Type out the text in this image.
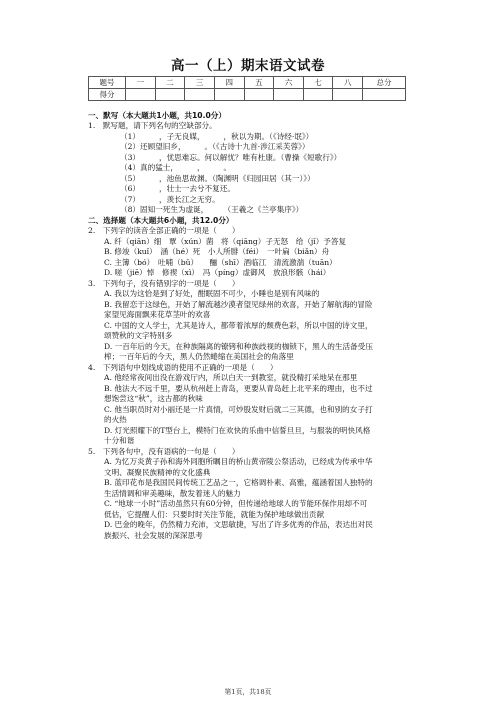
高一（上）期末语文试卷
题号	一	二	三	四	五	六	七	八	总分
得分									
一、默写（本大题共1小题，共10.0分）
1.　默写题，请下列名句的空缺部分。
（1）　　　，子无良媒，　　　，秋以为期。（《诗经·氓》）
（2）还顾望旧乡，　　　。（《古诗十九首·涉江采芙蓉》）
（3）　　　，忧思难忘。何以解忧？唯有杜康。（曹操《短歌行》）
（4）真的猛士，　　　，　　　。
（5）　　　，池鱼思故渊。（陶渊明《归园田居（其一）》）
（6）　　　，壮士一去兮不复还。
（7）　　　，羡长江之无穷。
（8）固知一死生为虚诞，　　　（王羲之《兰亭集序》）
二、选择题（本大题共6小题，共12.0分）
2.　下列字的读音全部正确的一项是（　　）
A. 纤（qiān）细　覃（xún）菌　将（qiāng）子无怒　给（jǐ）予答复
B. 修竣（kuǐ）　涵（hé）死　小人所腓（féi）　一叶扁（biǎn）舟
C. 主簿（bó）　吐哺（bǔ）　　酾（shī）酒临江　清流激湍（tuān）
D. 嗟（jiē）悼　修禊（xì）　冯（píng）虚御风　放浪形骸（hái）
3.　下列句子，没有错别字的一项是（　　）
A. 我以为这恰是到了好处，酣眠固不可少，小睡也是别有风味的
B. 我留恋于这绿色，开始了解流越沙漠者望见绿州的欢喜，开始了解航海的冒险
家望见海面飘来花草茎叶的欢喜
C. 中国的文人学士，尤其是诗人，都带着浓厚的颓费色彩，所以中国的诗文里，
颂赞秋的文字特别多
D. 一百年后的今天，在种族隔离的镣铐和种族歧视的枷锁下，黑人的生活备受压
榨；一百年后的今天，黑人仍然蜷缩在美国社会的角落里
4.　下列语句中划线成语的使用不正确的一项是（　　）
A. 他经常夜间出没在游戏厅内，所以白天一到教室，就没精打采地呆在那里
B. 他法大不远千里，要从杭州赶上青岛，更要从青岛赶上北平来的理由，也不过
想饱尝这“秋”，这古都的秋味
C. 他当职员时对小丽还是一片真情，可炒股发财后就二三其德，也和别的女子打
的火热
D. 灯光照耀下的T型台上，模特门在欢快的乐曲中信誓旦旦，与服装的明快风格
十分和谐
5.　下列各句中，没有语病的一句是（　　）
A. 为忆万炎黄子孙和海外同胞所瞩目的桥山黄帝陵公祭活动，已经成为传承中华
文明、凝聚民族精神的文化盛典
B. 蓝印花布是我国民间传统工艺品之一，它格调朴素、高雅，蕴涵着国人独特的
生活情调和审美趣味，散发着迷人的魅力
C. “地球一小时”活动虽然只有60分钟，但传递给地球人的节能环保作用却不可
低估，它提醒人们：只要时时关注节能，就能为保护地球做出贡献
D. 巴金的晚年，仍然精力充沛，文思敏捷，写出了许多优秀的作品，表达出对民
族振兴、社会发展的深深思考
第1页，共18页
